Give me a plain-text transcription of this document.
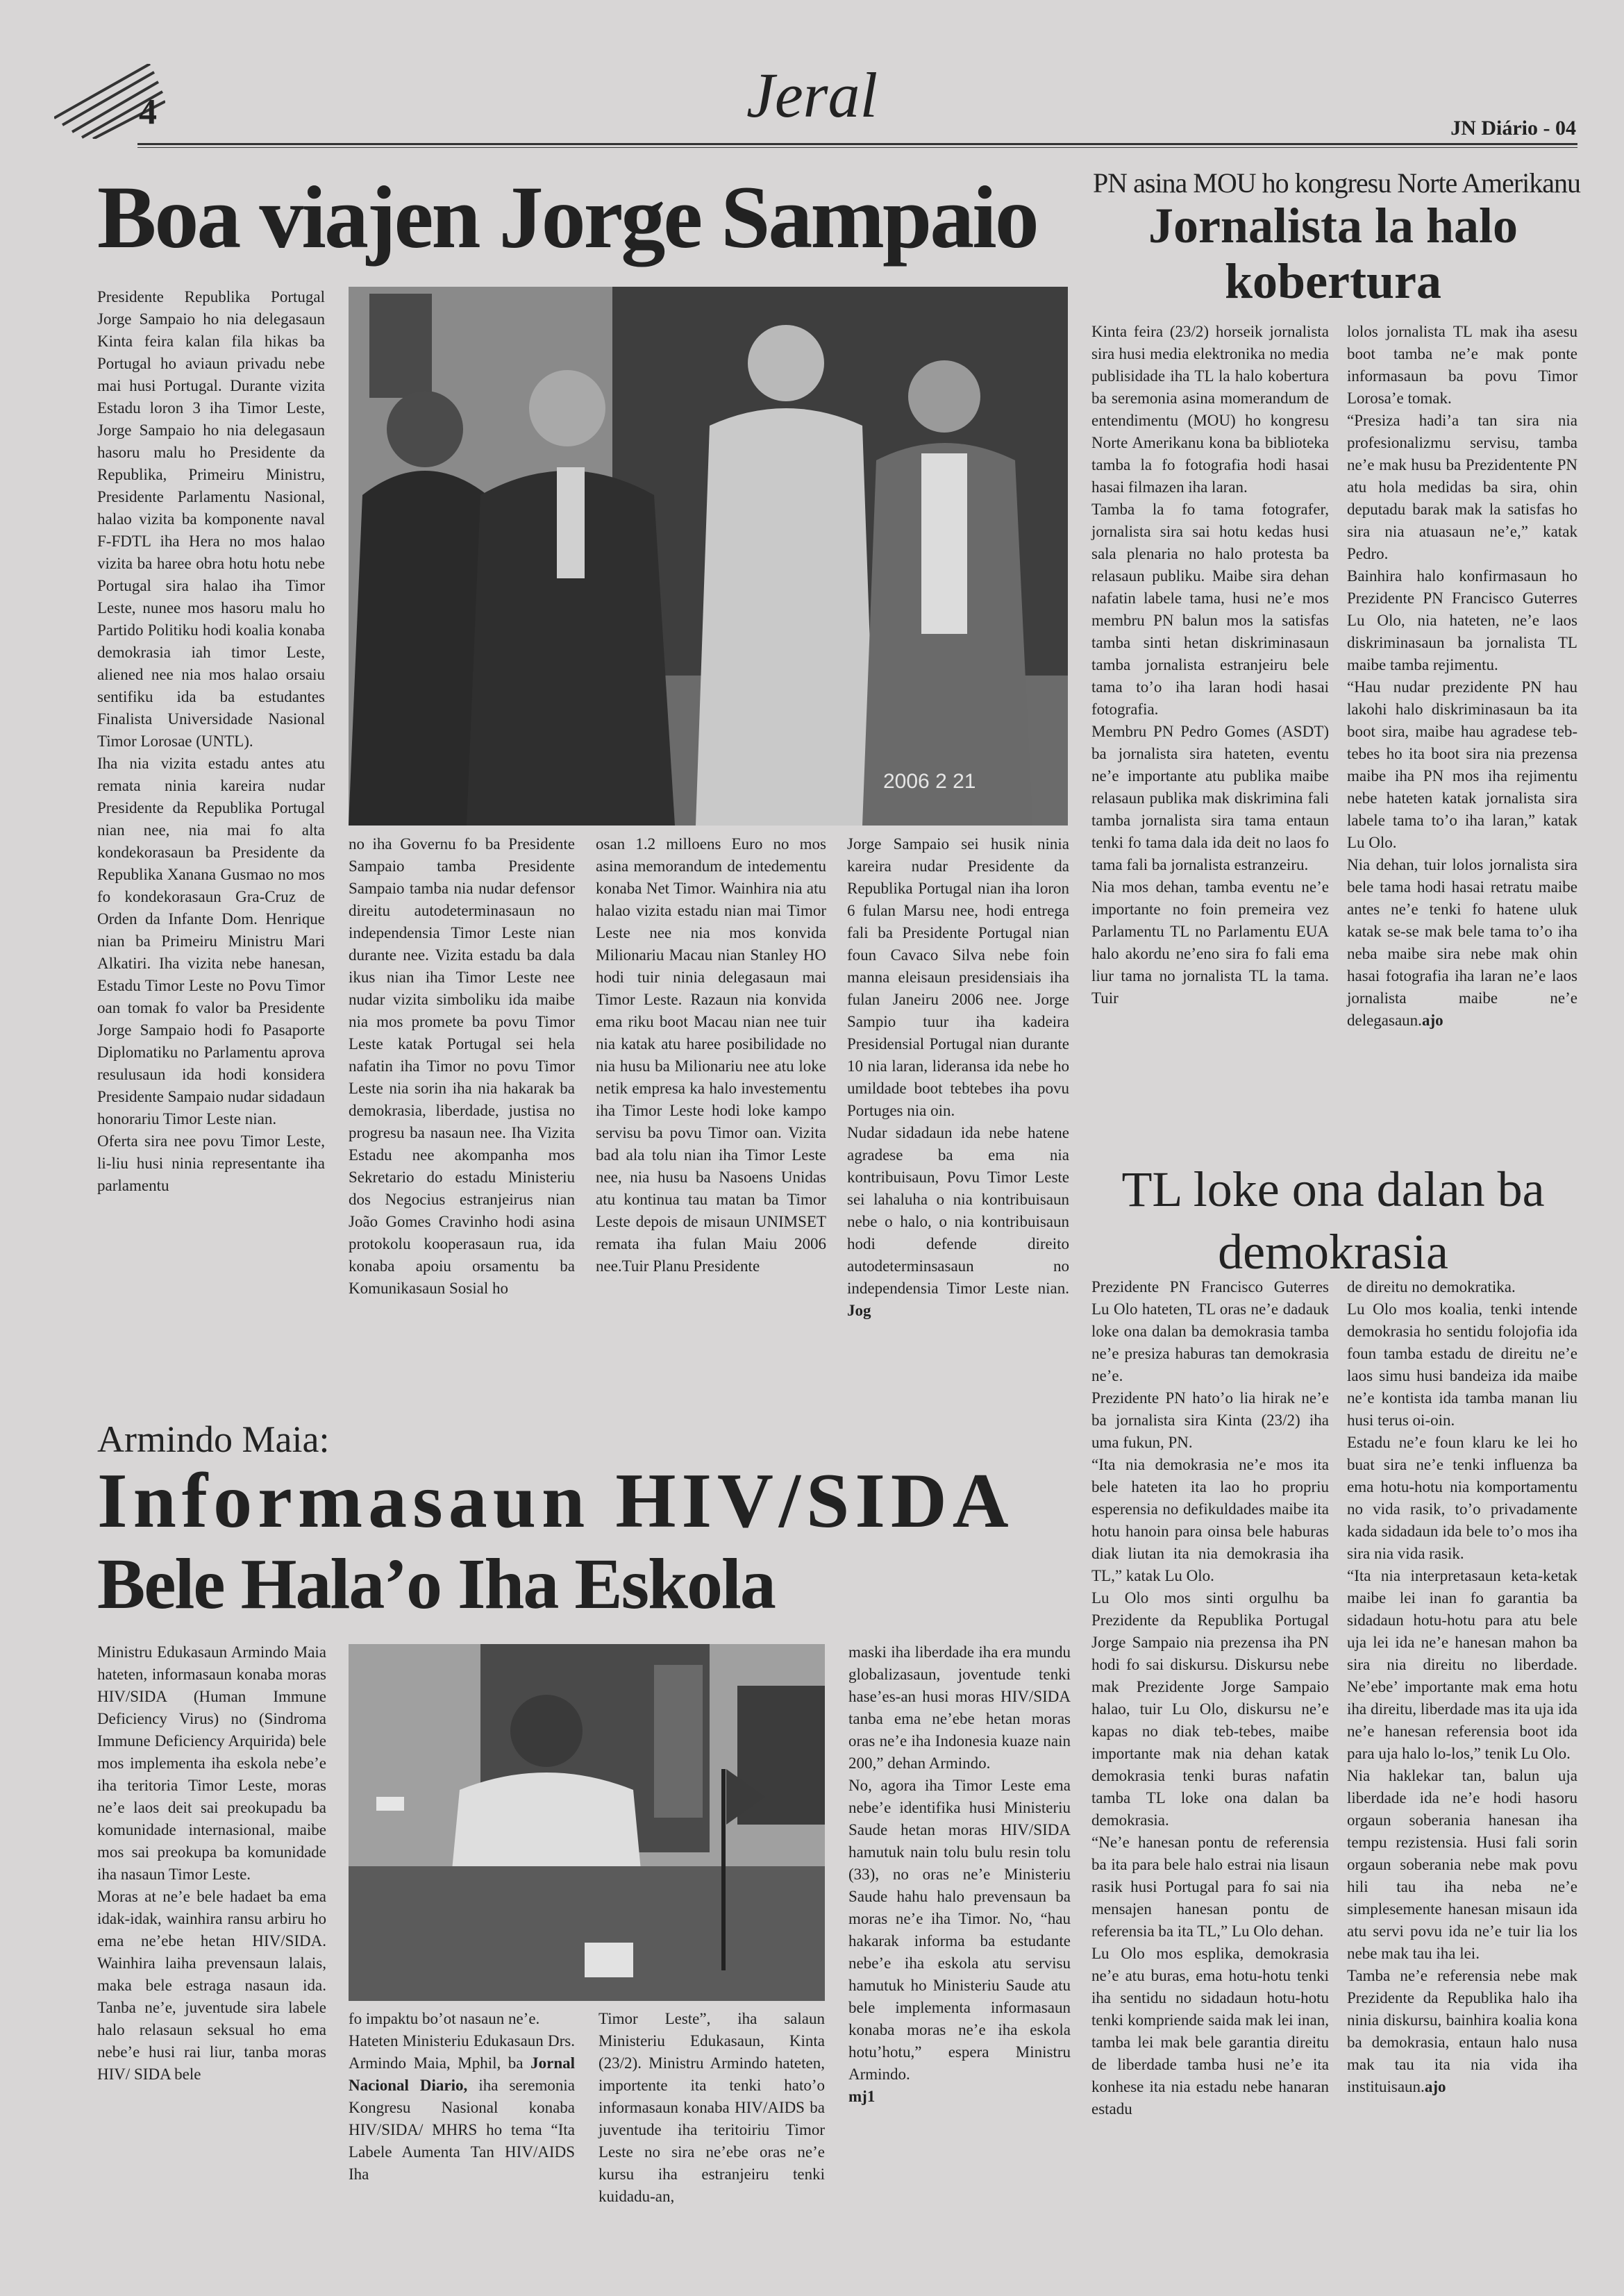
4	Jeral	JN Diário - 04
Boa viajen Jorge Sampaio
2006 2 21

Presidente Republika Portugal Jorge Sampaio ho nia delegasaun Kinta feira kalan fila hikas ba Portugal ho aviaun privadu nebe mai husi Portugal. Durante vizita Estadu loron 3 iha Timor Leste, Jorge Sampaio ho nia delegasaun hasoru malu ho Presidente da Republika, Primeiru Ministru, Presidente Parlamentu Nasional, halao vizita ba komponente naval F-FDTL iha Hera no mos halao vizita ba haree obra hotu hotu nebe Portugal sira halao iha Timor Leste, nunee mos hasoru malu ho Partido Politiku hodi koalia konaba demokrasia iah timor Leste, aliened nee nia mos halao orsaiu sentifiku ida ba estudantes Finalista Universidade Nasional Timor Lorosae (UNTL).

Iha nia vizita estadu antes atu remata ninia kareira nudar Presidente da Republika Portugal nian nee, nia mai fo alta kondekorasaun ba Presidente da Republika Xanana Gusmao no mos fo kondekorasaun Gra-Cruz de Orden da Infante Dom. Henrique nian ba Primeiru Ministru Mari Alkatiri. Iha vizita nebe hanesan, Estadu Timor Leste no Povu Timor oan tomak fo valor ba Presidente Jorge Sampaio hodi fo Pasaporte Diplomatiku no Parlamentu aprova resulusaun ida hodi konsidera Presidente Sampaio nudar sidadaun honorariu Timor Leste nian.

Oferta sira nee povu Timor Leste, li-liu husi ninia representante iha parlamentu

no iha Governu fo ba Presidente Sampaio tamba Presidente Sampaio tamba nia nudar defensor direitu autodeterminasaun no independensia Timor Leste nian durante nee. Vizita estadu ba dala ikus nian iha Timor Leste nee nudar vizita simboliku ida maibe nia mos promete ba povu Timor Leste katak Portugal sei hela nafatin iha Timor no povu Timor Leste nia sorin iha nia hakarak ba demokrasia, liberdade, justisa no progresu ba nasaun nee. Iha Vizita Estadu nee akompanha mos Sekretario do estadu Ministeriu dos Negocius estranjeirus nian João Gomes Cravinho hodi asina protokolu kooperasaun rua, ida konaba apoiu orsamentu ba Komunikasaun Sosial ho

osan 1.2 milloens Euro no mos asina memorandum de intedementu konaba Net Timor. Wainhira nia atu halao vizita estadu nian mai Timor Leste nee nia mos konvida Milionariu Macau nian Stanley HO hodi tuir ninia delegasaun mai Timor Leste. Razaun nia konvida ema riku boot Macau nian nee tuir nia katak atu haree posibilidade no nia husu ba Milionariu nee atu loke netik empresa ka halo investementu iha Timor Leste hodi loke kampo servisu ba povu Timor oan. Vizita bad ala tolu nian iha Timor Leste nee, nia husu ba Nasoens Unidas atu kontinua tau matan ba Timor Leste depois de misaun UNIMSET remata iha fulan Maiu 2006 nee.Tuir Planu Presidente

Jorge Sampaio sei husik ninia kareira nudar Presidente da Republika Portugal nian iha loron 6 fulan Marsu nee, hodi entrega fali ba Presidente Portugal nian foun Cavaco Silva nebe foin manna eleisaun presidensiais iha fulan Janeiru 2006 nee. Jorge Sampio tuur iha kadeira Presidensial Portugal nian durante 10 nia laran, lideransa ida nebe ho umildade boot tebtebes iha povu Portuges nia oin.

Nudar sidadaun ida nebe hatene agradese ba ema nia kontribuisaun, Povu Timor Leste sei lahaluha o nia kontribuisaun nebe o halo, o nia kontribuisaun hodi defende direito autodeterminsasaun no independensia Timor Leste nian. Jog

PN asina MOU ho kongresu Norte Amerikanu
Jornalista la halo kobertura

Kinta feira (23/2) horseik jornalista sira husi media elektronika no media publisidade iha TL la halo kobertura ba seremonia asina momerandum de entendimentu (MOU) ho kongresu Norte Amerikanu kona ba biblioteka tamba la fo fotografia hodi hasai hasai filmazen iha laran.

Tamba la fo tama fotografer, jornalista sira sai hotu kedas husi sala plenaria no halo protesta ba relasaun publiku. Maibe sira dehan nafatin labele tama, husi ne’e mos membru PN balun mos la satisfas tamba sinti hetan diskriminasaun tamba jornalista estranjeiru bele tama to’o iha laran hodi hasai fotografia.

Membru PN Pedro Gomes (ASDT) ba jornalista sira hateten, eventu ne’e importante atu publika maibe relasaun publika mak diskrimina fali tamba jornalista sira tama entaun tenki fo tama dala ida deit no laos fo tama fali ba jornalista estranzeiru.

Nia mos dehan, tamba eventu ne’e importante no foin premeira vez Parlamentu TL no Parlamentu EUA halo akordu ne’eno sira fo fali ema liur tama no jornalista TL la tama. Tuir

lolos jornalista TL mak iha asesu boot tamba ne’e mak ponte informasaun ba povu Timor Lorosa’e tomak.

“Presiza hadi’a tan sira nia profesionalizmu servisu, tamba ne’e mak husu ba Prezidentente PN atu hola medidas ba sira, ohin deputadu barak mak la satisfas ho sira nia atuasaun ne’e,” katak Pedro.

Bainhira halo konfirmasaun ho Prezidente PN Francisco Guterres Lu Olo, nia hateten, ne’e laos diskriminasaun ba jornalista TL maibe tamba rejimentu.

“Hau nudar prezidente PN hau lakohi halo diskriminasaun ba ita boot sira, maibe hau agradese teb-tebes ho ita boot sira nia prezensa maibe iha PN mos iha rejimentu nebe hateten katak jornalista sira labele tama to’o iha laran,” katak Lu Olo.

Nia dehan, tuir lolos jornalista sira bele tama hodi hasai retratu maibe antes ne’e tenki fo hatene uluk katak se-se mak bele tama to’o iha neba maibe sira nebe mak ohin hasai fotografia iha laran ne’e laos jornalista maibe ne’e delegasaun.ajo

TL loke ona dalan ba demokrasia

Prezidente PN Francisco Guterres Lu Olo hateten, TL oras ne’e dadauk loke ona dalan ba demokrasia tamba ne’e presiza haburas tan demokrasia ne’e.

Prezidente PN hato’o lia hirak ne’e ba jornalista sira Kinta (23/2) iha uma fukun, PN.

“Ita nia demokrasia ne’e mos ita bele hateten ita lao ho propriu esperensia no defikuldades maibe ita hotu hanoin para oinsa bele haburas diak liutan ita nia demokrasia iha TL,” katak Lu Olo.

Lu Olo mos sinti orgulhu ba Prezidente da Republika Portugal Jorge Sampaio nia prezensa iha PN hodi fo sai diskursu. Diskursu nebe mak Prezidente Jorge Sampaio halao, tuir Lu Olo, diskursu ne’e kapas no diak teb-tebes, maibe importante mak nia dehan katak demokrasia tenki buras nafatin tamba TL loke ona dalan ba demokrasia.

“Ne’e hanesan pontu de referensia ba ita para bele halo estrai nia lisaun rasik husi Portugal para fo sai nia mensajen hanesan pontu de referensia ba ita TL,” Lu Olo dehan.

Lu Olo mos esplika, demokrasia ne’e atu buras, ema hotu-hotu tenki iha sentidu no sidadaun hotu-hotu tenki kompriende saida mak lei inan, tamba lei mak bele garantia direitu de liberdade tamba husi ne’e ita konhese ita nia estadu nebe hanaran estadu

de direitu no demokratika.

Lu Olo mos koalia, tenki intende demokrasia ho sentidu folojofia ida foun tamba estadu de direitu ne’e laos simu husi bandeiza ida maibe ne’e kontista ida tamba manan liu husi terus oi-oin.

Estadu ne’e foun klaru ke lei ho buat sira ne’e tenki influenza ba ema hotu-hotu nia komportamentu no vida rasik, to’o privadamente kada sidadaun ida bele to’o mos iha sira nia vida rasik.

“Ita nia interpretasaun keta-ketak maibe lei inan fo garantia ba sidadaun hotu-hotu para atu bele uja lei ida ne’e hanesan mahon ba sira nia direitu no liberdade. Ne’ebe’ importante mak ema hotu iha direitu, liberdade mas ita uja ida ne’e hanesan referensia boot ida para uja halo lo-los,” tenik Lu Olo.

Nia haklekar tan, balun uja liberdade ida ne’e hodi hasoru orgaun soberania hanesan iha tempu rezistensia. Husi fali sorin orgaun soberania nebe mak povu hili tau iha neba ne’e simplesemente hanesan misaun ida atu servi povu ida ne’e tuir lia los nebe mak tau iha lei.

Tamba ne’e referensia nebe mak Prezidente da Republika halo iha ninia diskursu, bainhira koalia kona ba demokrasia, entaun halo nusa mak tau ita nia vida iha instituisaun.ajo

Armindo Maia:
Informasaun HIV/SIDA
Bele Hala’o Iha Eskola

Ministru Edukasaun Armindo Maia hateten, informasaun konaba moras HIV/SIDA (Human Immune Deficiency Virus) no (Sindroma Immune Deficiency Arquirida) bele mos implementa iha eskola nebe’e iha teritoria Timor Leste, moras ne’e laos deit sai preokupadu ba komunidade internasional, maibe mos sai preokupa ba komunidade iha nasaun Timor Leste.

Moras at ne’e bele hadaet ba ema idak-idak, wainhira ransu arbiru ho ema ne’ebe hetan HIV/SIDA. Wainhira laiha prevensaun lalais, maka bele estraga nasaun ida. Tanba ne’e, juventude sira labele halo relasaun seksual ho ema nebe’e husi rai liur, tanba moras HIV/ SIDA bele

fo impaktu bo’ot nasaun ne’e.

Hateten Ministeriu Edukasaun Drs. Armindo Maia, Mphil, ba Jornal Nacional Diario, iha seremonia Kongresu Nasional konaba HIV/SIDA/ MHRS ho tema “Ita Labele Aumenta Tan HIV/AIDS Iha

Timor Leste”, iha salaun Ministeriu Edukasaun, Kinta (23/2). Ministru Armindo hateten, importente ita tenki hato’o informasaun konaba HIV/AIDS ba juventude iha teritoiriu Timor Leste no sira ne’ebe oras ne’e kursu iha estranjeiru tenki kuidadu-an,

maski iha liberdade iha era mundu globalizasaun, joventude tenki hase’es-an husi moras HIV/SIDA tanba ema ne’ebe hetan moras oras ne’e iha Indonesia kuaze nain 200,” dehan Armindo.

No, agora iha Timor Leste ema nebe’e identifika husi Ministeriu Saude hetan moras HIV/SIDA hamutuk nain tolu bulu resin tolu (33), no oras ne’e Ministeriu Saude hahu halo prevensaun ba moras ne’e iha Timor. No, “hau hakarak informa ba estudante nebe’e iha eskola atu servisu hamutuk ho Ministeriu Saude atu bele implementa informasaun konaba moras ne’e iha eskola hotu’hotu,” espera Ministru Armindo.

mj1
